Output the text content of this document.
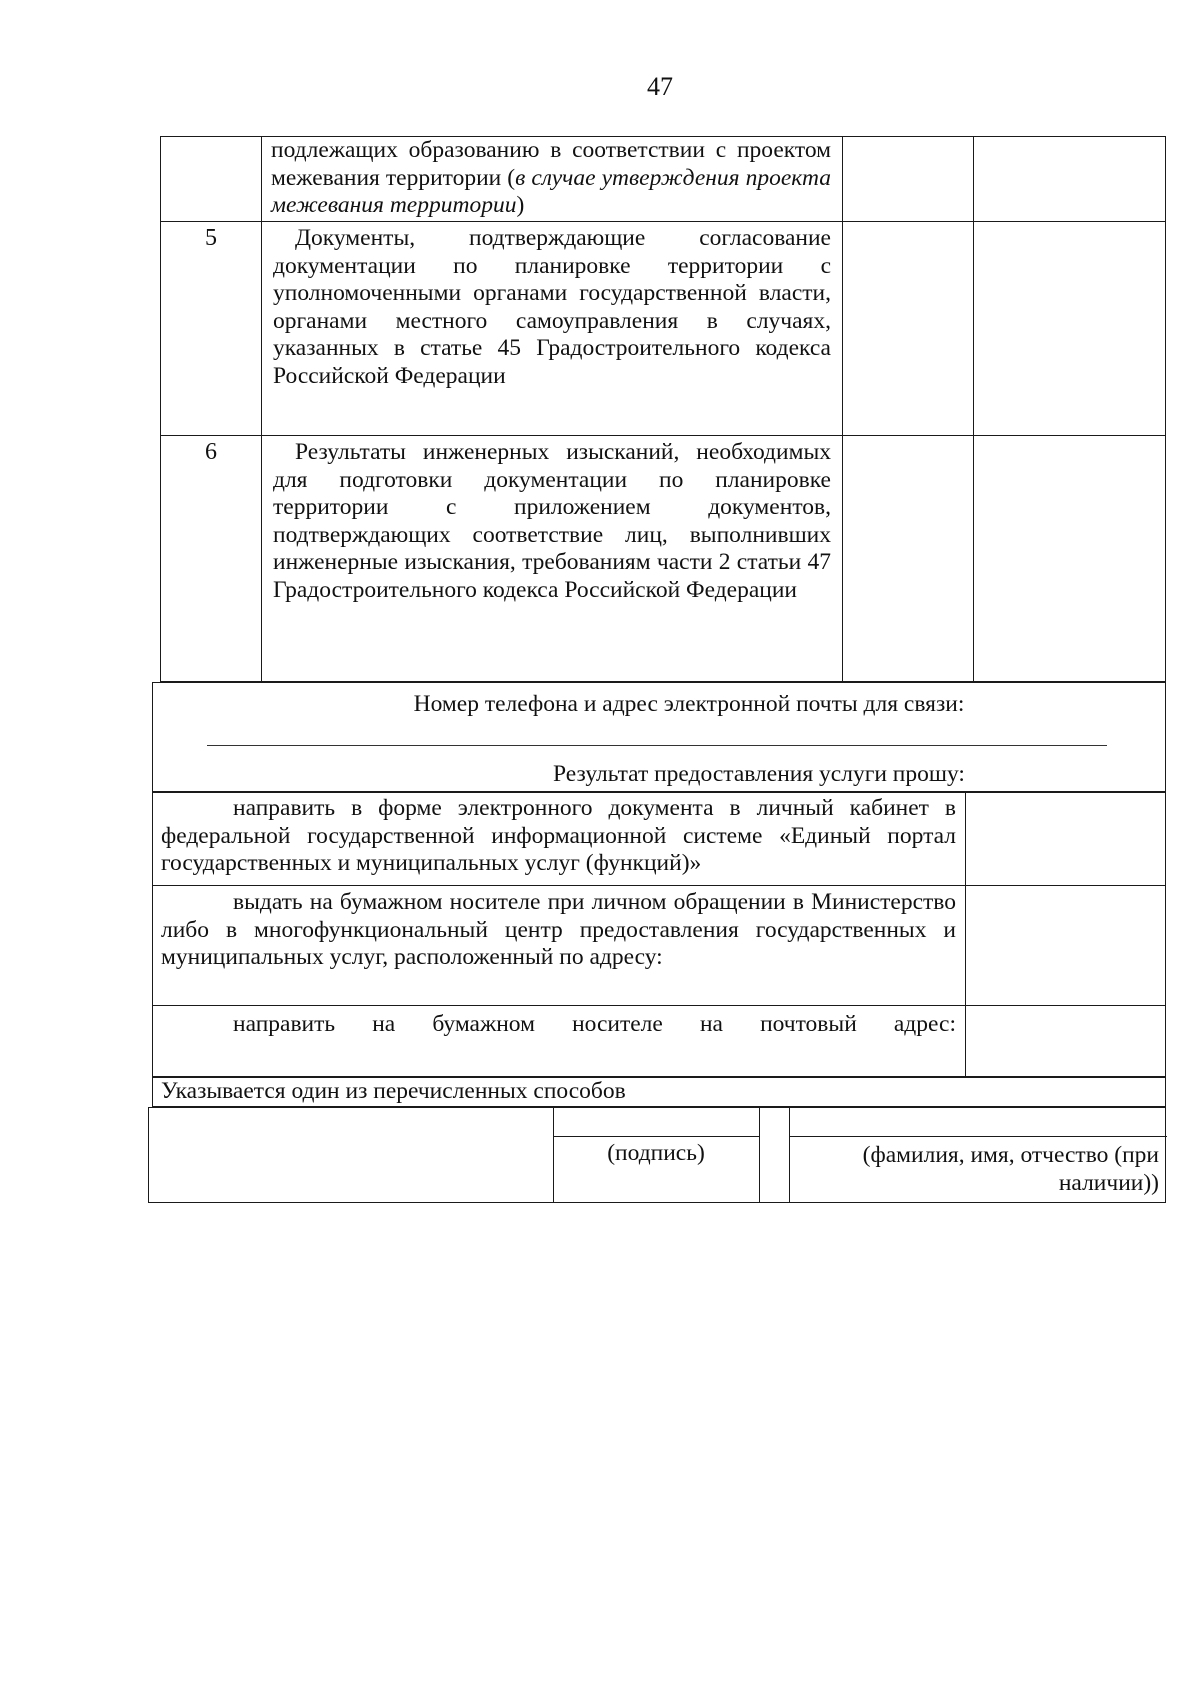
47
подлежащих образованию в соответствии с проектом межевания территории (в случае утверждения проекта межевания территории)
5	Документы, подтверждающие согласование документации по планировке территории с уполномоченными органами государственной власти, органами местного самоуправления в случаях, указанных в статье 45 Градостроительного кодекса Российской Федерации
6	Результаты инженерных изысканий, необходимых для подготовки документации по планировке территории с приложением документов, подтверждающих соответствие лиц, выполнивших инженерные изыскания, требованиям части 2 статьи 47 Градостроительного кодекса Российской Федерации
Номер телефона и адрес электронной почты для связи:
Результат предоставления услуги прошу:
направить в форме электронного документа в личный кабинет в федеральной государственной информационной системе «Единый портал государственных и муниципальных услуг (функций)»
выдать на бумажном носителе при личном обращении в Министерство либо в многофункциональный центр предоставления государственных и муниципальных услуг, расположенный по адресу:
направить на бумажном носителе на почтовый адрес:
Указывается один из перечисленных способов
(подпись)	(фамилия, имя, отчество (при наличии))
